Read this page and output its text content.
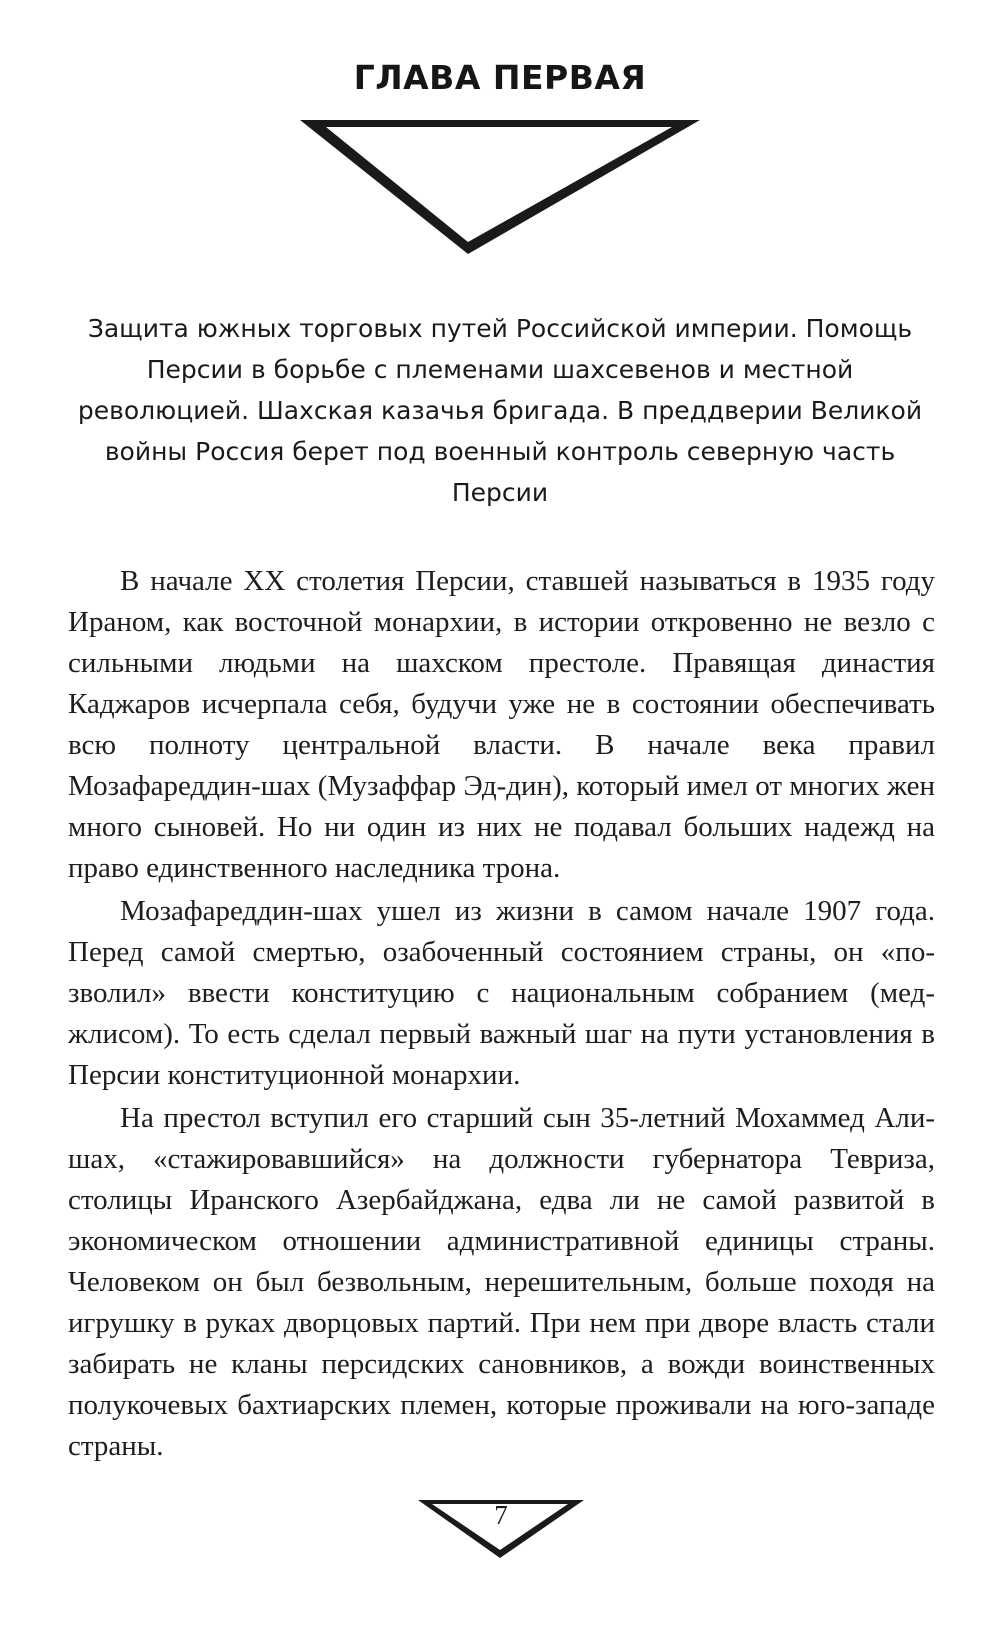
ГЛАВА ПЕРВАЯ

Защита южных торговых путей Российской империи. Помощь Персии в борьбе с племенами шахсевенов и местной революцией. Шахская казачья бригада. В преддверии Великой войны Россия берет под военный контроль северную часть Персии

В начале XX столетия Персии, ставшей называться в 1935 году Ираном, как восточной монархии, в истории откровенно не везло с сильными людьми на шахском престоле. Правящая династия Каджаров исчерпала себя, будучи уже не в состоянии обеспечивать всю полноту центральной власти. В начале века правил Мозафареддин-шах (Музаффар Эд-дин), который имел от многих жен много сыновей. Но ни один из них не подавал больших надежд на право единственного наследника трона.

Мозафареддин-шах ушел из жизни в самом начале 1907 года. Перед самой смертью, озабоченный состоянием страны, он «позволил» ввести конституцию с национальным собранием (меджлисом). То есть сделал первый важный шаг на пути установления в Персии конституционной монархии.

На престол вступил его старший сын 35-летний Мохаммед Али-шах, «стажировавшийся» на должности губернатора Тевриза, столицы Иранского Азербайджана, едва ли не самой развитой в экономическом отношении административной единицы страны. Человеком он был безвольным, нерешительным, больше походя на игрушку в руках дворцовых партий. При нем при дворе власть стали забирать не кланы персидских сановников, а вожди воинственных полукочевых бахтиарских племен, которые проживали на юго-западе страны.

7
